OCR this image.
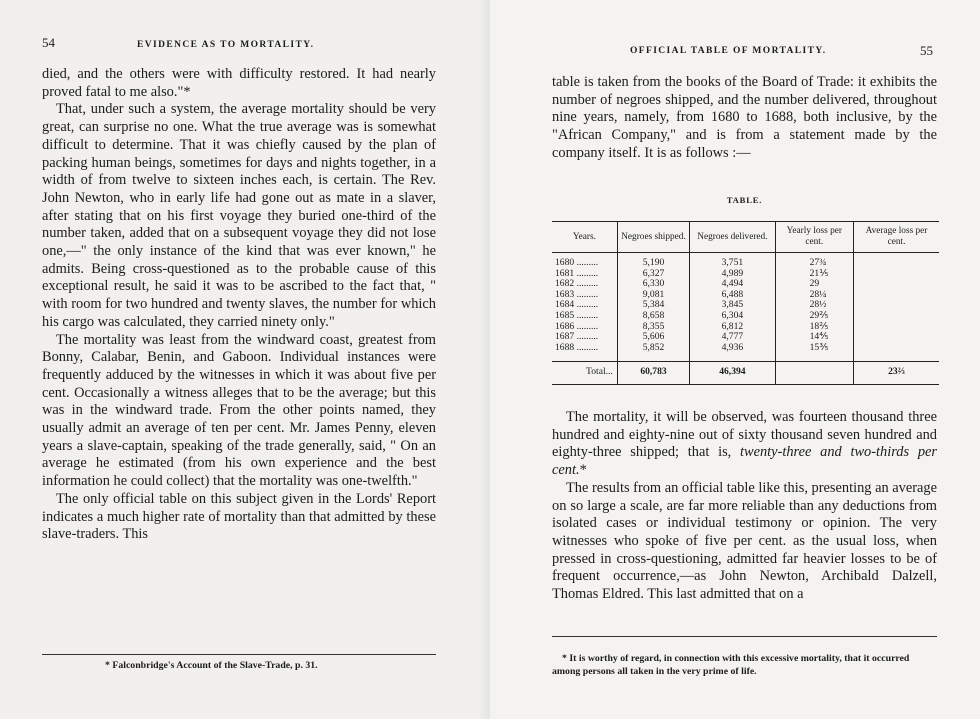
54	EVIDENCE AS TO MORTALITY.

died, and the others were with difficulty restored. It had nearly proved fatal to me also."*

That, under such a system, the average mortality should be very great, can surprise no one. What the true average was is somewhat difficult to determine. That it was chiefly caused by the plan of packing human beings, sometimes for days and nights together, in a width of from twelve to sixteen inches each, is certain. The Rev. John Newton, who in early life had gone out as mate in a slaver, after stating that on his first voyage they buried one-third of the number taken, added that on a subsequent voyage they did not lose one,—" the only instance of the kind that was ever known," he admits. Being cross-questioned as to the probable cause of this exceptional result, he said it was to be ascribed to the fact that, " with room for two hundred and twenty slaves, the number for which his cargo was calculated, they carried ninety only."

The mortality was least from the windward coast, greatest from Bonny, Calabar, Benin, and Gaboon. Individual instances were frequently adduced by the witnesses in which it was about five per cent. Occasionally a witness alleges that to be the average; but this was in the windward trade. From the other points named, they usually admit an average of ten per cent. Mr. James Penny, eleven years a slave-captain, speaking of the trade generally, said, " On an average he estimated (from his own experience and the best information he could collect) that the mortality was one-twelfth."

The only official table on this subject given in the Lords' Report indicates a much higher rate of mortality than that admitted by these slave-traders. This

* Falconbridge's Account of the Slave-Trade, p. 31.
OFFICIAL TABLE OF MORTALITY.	55

table is taken from the books of the Board of Trade: it exhibits the number of negroes shipped, and the number delivered, throughout nine years, namely, from 1680 to 1688, both inclusive, by the "African Company," and is from a statement made by the company itself. It is as follows :—

TABLE.
Years.	Negroes shipped.	Negroes delivered.	Yearly loss per cent.	Average loss per cent.
1680 .........	5,190	3,751	27¾	
1681 .........	6,327	4,989	21⅕	
1682 .........	6,330	4,494	29	
1683 .........	9,081	6,488	28¼	
1684 .........	5,384	3,845	28½	
1685 .........	8,658	6,304	29⅖	
1686 .........	8,355	6,812	18⅖	
1687 .........	5,606	4,777	14⅘	
1688 .........	5,852	4,936	15⅗	
Total...	60,783	46,394		23⅔

The mortality, it will be observed, was fourteen thousand three hundred and eighty-nine out of sixty thousand seven hundred and eighty-three shipped; that is, twenty-three and two-thirds per cent.*

The results from an official table like this, presenting an average on so large a scale, are far more reliable than any deductions from isolated cases or individual testimony or opinion. The very witnesses who spoke of five per cent. as the usual loss, when pressed in cross-questioning, admitted far heavier losses to be of frequent occurrence,—as John Newton, Archibald Dalzell, Thomas Eldred. This last admitted that on a

* It is worthy of regard, in connection with this excessive mortality, that it occurred among persons all taken in the very prime of life.
